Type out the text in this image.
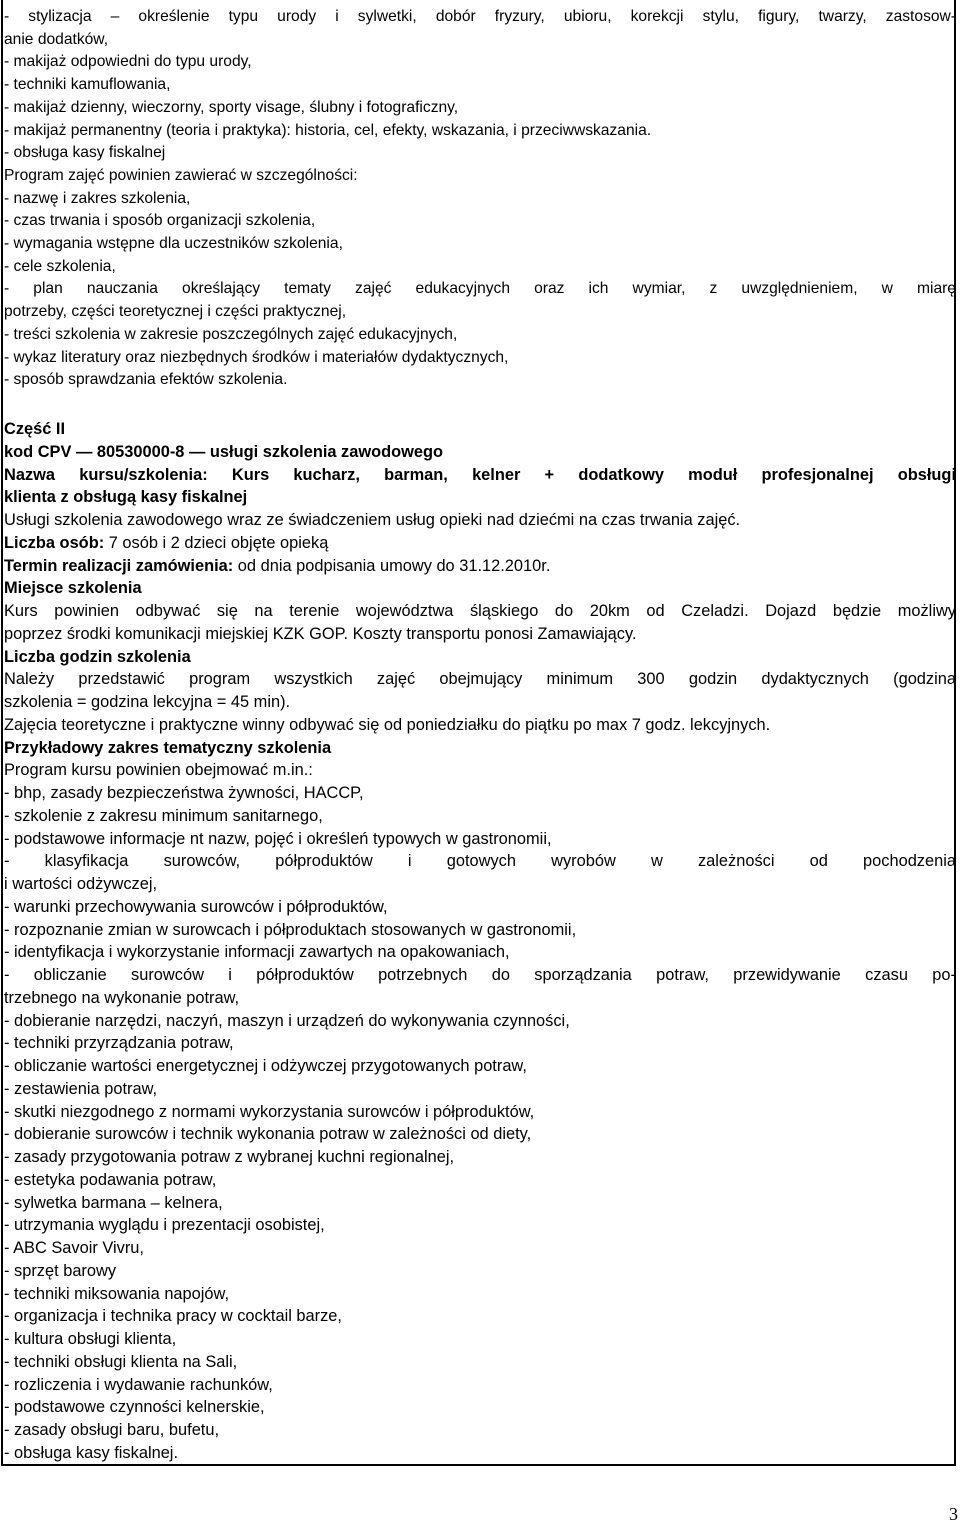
- stylizacja – określenie typu urody i sylwetki, dobór fryzury, ubioru, korekcji stylu, figury, twarzy, zastosow-

anie dodatków,

- makijaż odpowiedni do typu urody,

- techniki kamuflowania,

- makijaż dzienny, wieczorny, sporty visage, ślubny i fotograficzny,

- makijaż permanentny (teoria i praktyka): historia, cel, efekty, wskazania, i przeciwwskazania.

- obsługa kasy fiskalnej

Program zajęć powinien zawierać w szczególności:

- nazwę i zakres szkolenia,

- czas trwania i sposób organizacji szkolenia,

- wymagania wstępne dla uczestników szkolenia,

- cele szkolenia,

- plan nauczania określający tematy zajęć edukacyjnych oraz ich wymiar, z uwzględnieniem, w miarę

potrzeby, części teoretycznej i części praktycznej,

- treści szkolenia w zakresie poszczególnych zajęć edukacyjnych,

- wykaz literatury oraz niezbędnych środków i materiałów dydaktycznych,

- sposób sprawdzania efektów szkolenia.

Część II

kod CPV — 80530000-8 — usługi szkolenia zawodowego

Nazwa kursu/szkolenia: Kurs kucharz, barman, kelner + dodatkowy moduł profesjonalnej obsługi

klienta z obsługą kasy fiskalnej

Usługi szkolenia zawodowego wraz ze świadczeniem usług opieki nad dziećmi na czas trwania zajęć.

Liczba osób: 7 osób i 2 dzieci objęte opieką

Termin realizacji zamówienia: od dnia podpisania umowy do 31.12.2010r.

Miejsce szkolenia

Kurs powinien odbywać się na terenie województwa śląskiego do 20km od Czeladzi. Dojazd będzie możliwy

poprzez środki komunikacji miejskiej KZK GOP. Koszty transportu ponosi Zamawiający.

Liczba godzin szkolenia

Należy przedstawić program wszystkich zajęć obejmujący minimum 300 godzin dydaktycznych (godzina

szkolenia = godzina lekcyjna = 45 min).

Zajęcia teoretyczne i praktyczne winny odbywać się od poniedziałku do piątku po max 7 godz. lekcyjnych.

Przykładowy zakres tematyczny szkolenia

Program kursu powinien obejmować m.in.:

- bhp, zasady bezpieczeństwa żywności, HACCP,

- szkolenie z zakresu minimum sanitarnego,

- podstawowe informacje nt nazw, pojęć i określeń typowych w gastronomii,

- klasyfikacja surowców, półproduktów i gotowych wyrobów w zależności od pochodzenia

i wartości odżywczej,

- warunki przechowywania surowców i półproduktów,

- rozpoznanie zmian w surowcach i półproduktach stosowanych w gastronomii,

- identyfikacja i wykorzystanie informacji zawartych na opakowaniach,

- obliczanie surowców i półproduktów potrzebnych do sporządzania potraw, przewidywanie czasu po-

trzebnego na wykonanie potraw,

- dobieranie narzędzi, naczyń, maszyn i urządzeń do wykonywania czynności,

- techniki przyrządzania potraw,

- obliczanie wartości energetycznej i odżywczej przygotowanych potraw,

- zestawienia potraw,

- skutki niezgodnego z normami wykorzystania surowców i półproduktów,

- dobieranie surowców i technik wykonania potraw w zależności od diety,

- zasady przygotowania potraw z wybranej kuchni regionalnej,

- estetyka podawania potraw,

- sylwetka barmana – kelnera,

- utrzymania wyglądu i prezentacji osobistej,

- ABC Savoir Vivru,

- sprzęt barowy

- techniki miksowania napojów,

- organizacja i technika pracy w cocktail barze,

- kultura obsługi klienta,

- techniki obsługi klienta na Sali,

- rozliczenia i wydawanie rachunków,

- podstawowe czynności kelnerskie,

- zasady obsługi baru, bufetu,

- obsługa kasy fiskalnej.

3
